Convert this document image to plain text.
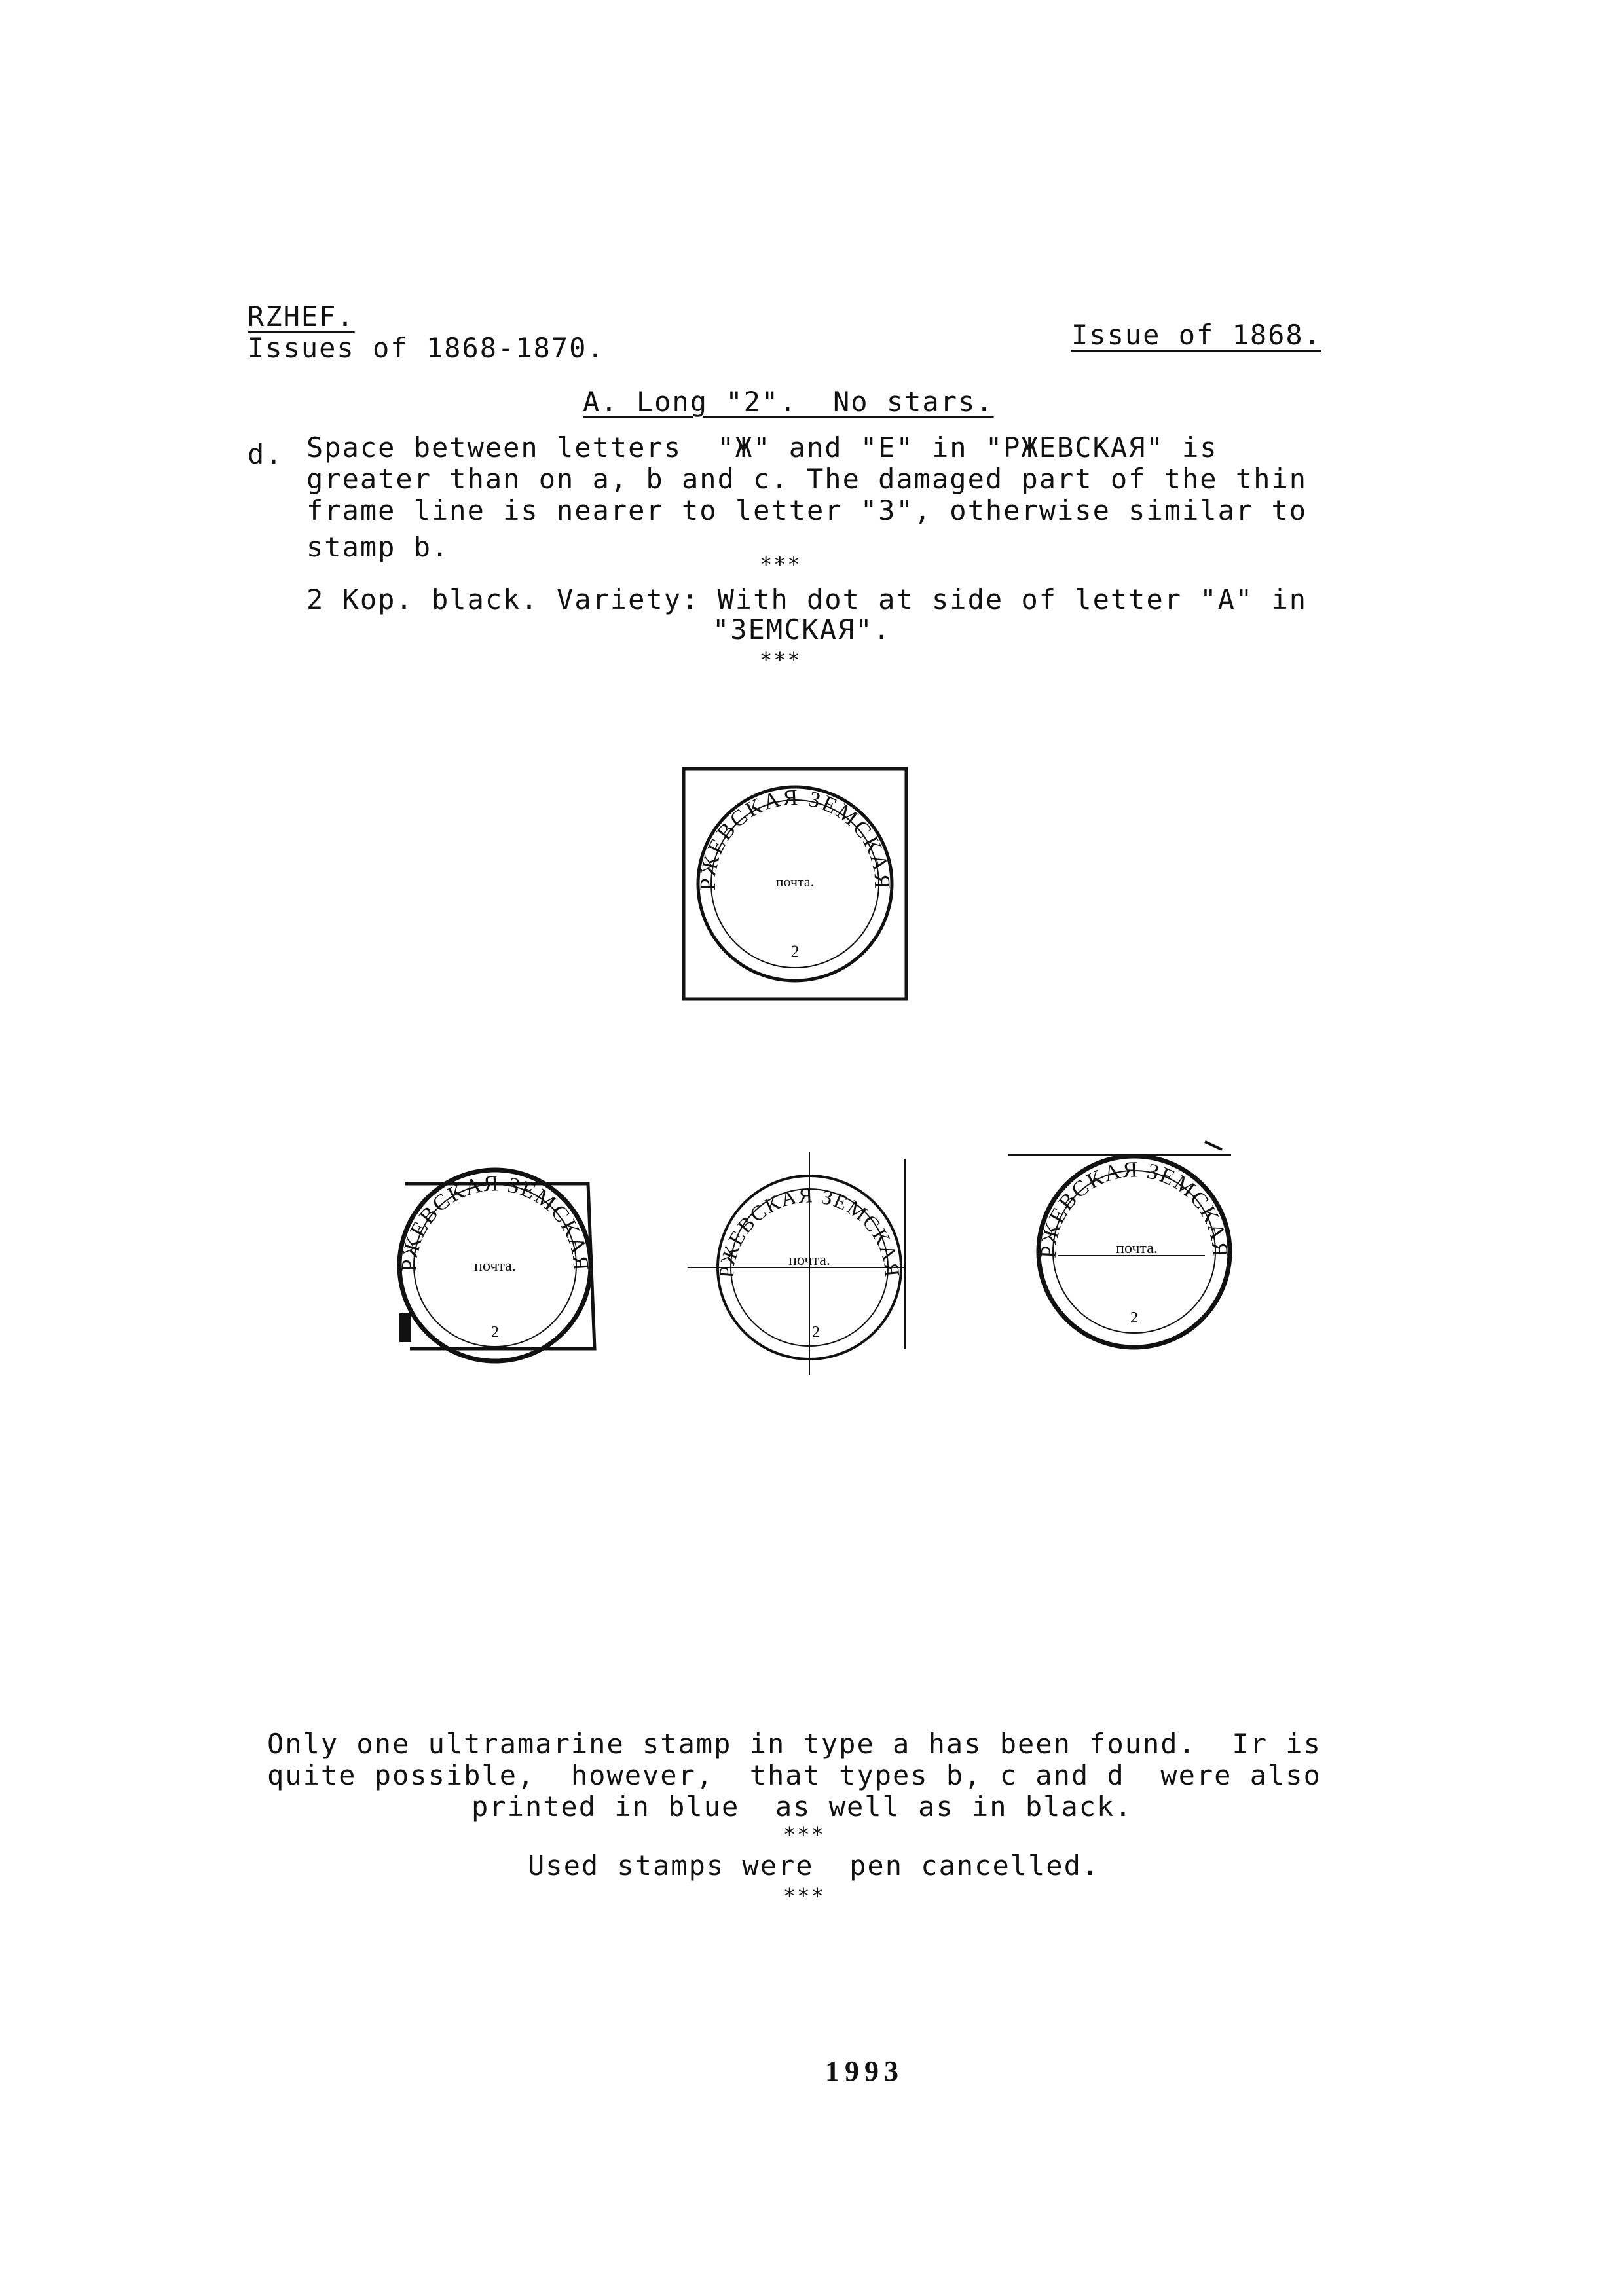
RZHEF.
Issues of 1868-1870.	Issue of 1868.
A. Long "2".  No stars.
d. Space between letters  "Ж" and "E" in "РЖЕВСКАЯ" is
greater than on a, b and c. The damaged part of the thin
frame line is nearer to letter "3", otherwise similar to
stamp b.
***
2 Kop. black. Variety: With dot at side of letter "A" in
"ЗЕМСКАЯ".
***
РЖЕВСКАЯ ЗЕМСКАЯ
почта.
2
РЖЕВСКАЯ ЗЕМСКАЯ
почта.
2
РЖЕВСКАЯ ЗЕМСКАЯ
почта.
2
РЖЕВСКАЯ ЗЕМСКАЯ
почта.
2
Only one ultramarine stamp in type a has been found.  Ir is
quite possible,  however,  that types b, c and d  were also
printed in blue  as well as in black.
***
Used stamps were  pen cancelled.
***
1993
